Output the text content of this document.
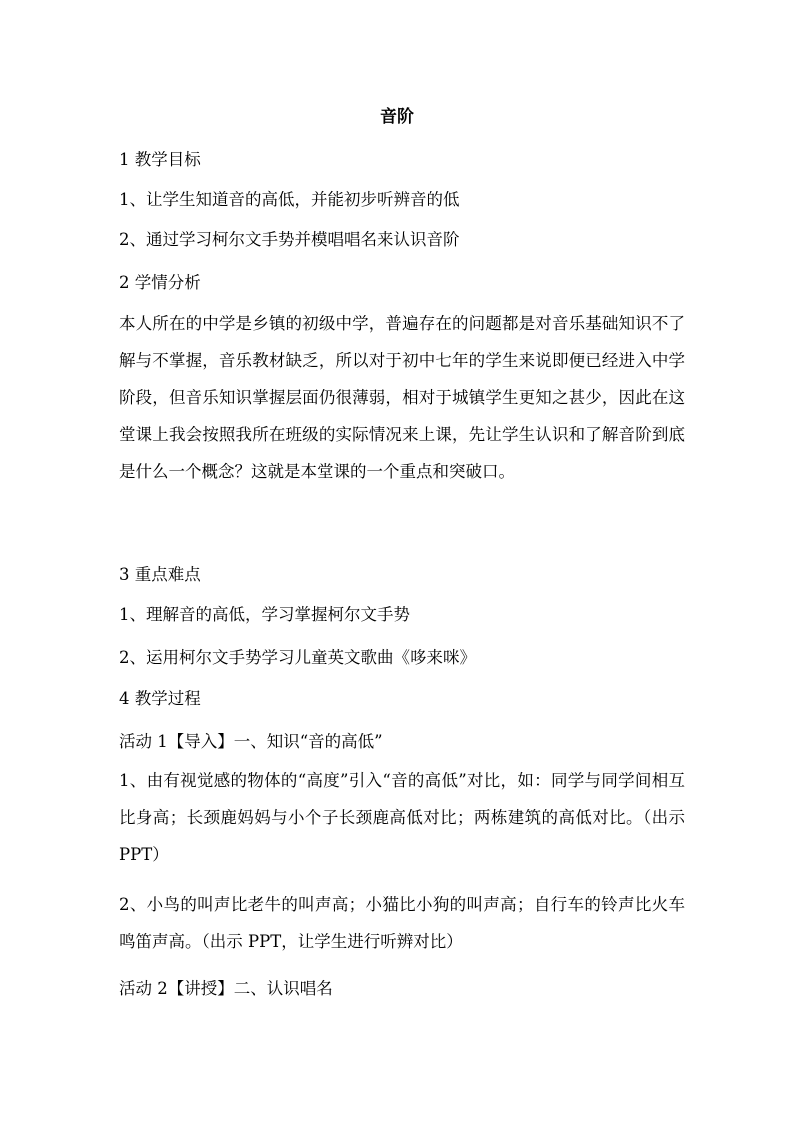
音阶
1 教学目标
1、让学生知道音的高低，并能初步听辨音的低
2、通过学习柯尔文手势并模唱唱名来认识音阶
2 学情分析
本人所在的中学是乡镇的初级中学，普遍存在的问题都是对音乐基础知识不了解与不掌握，音乐教材缺乏，所以对于初中七年的学生来说即便已经进入中学阶段，但音乐知识掌握层面仍很薄弱，相对于城镇学生更知之甚少，因此在这堂课上我会按照我所在班级的实际情况来上课，先让学生认识和了解音阶到底是什么一个概念？这就是本堂课的一个重点和突破口。
3 重点难点
1、理解音的高低，学习掌握柯尔文手势
2、运用柯尔文手势学习儿童英文歌曲《哆来咪》
4 教学过程
活动 1【导入】一、知识“音的高低”
1、由有视觉感的物体的“高度”引入“音的高低”对比，如：同学与同学间相互比身高；长颈鹿妈妈与小个子长颈鹿高低对比；两栋建筑的高低对比。（出示 PPT）
2、小鸟的叫声比老牛的叫声高；小猫比小狗的叫声高；自行车的铃声比火车鸣笛声高。（出示 PPT，让学生进行听辨对比）
活动 2【讲授】二、认识唱名
